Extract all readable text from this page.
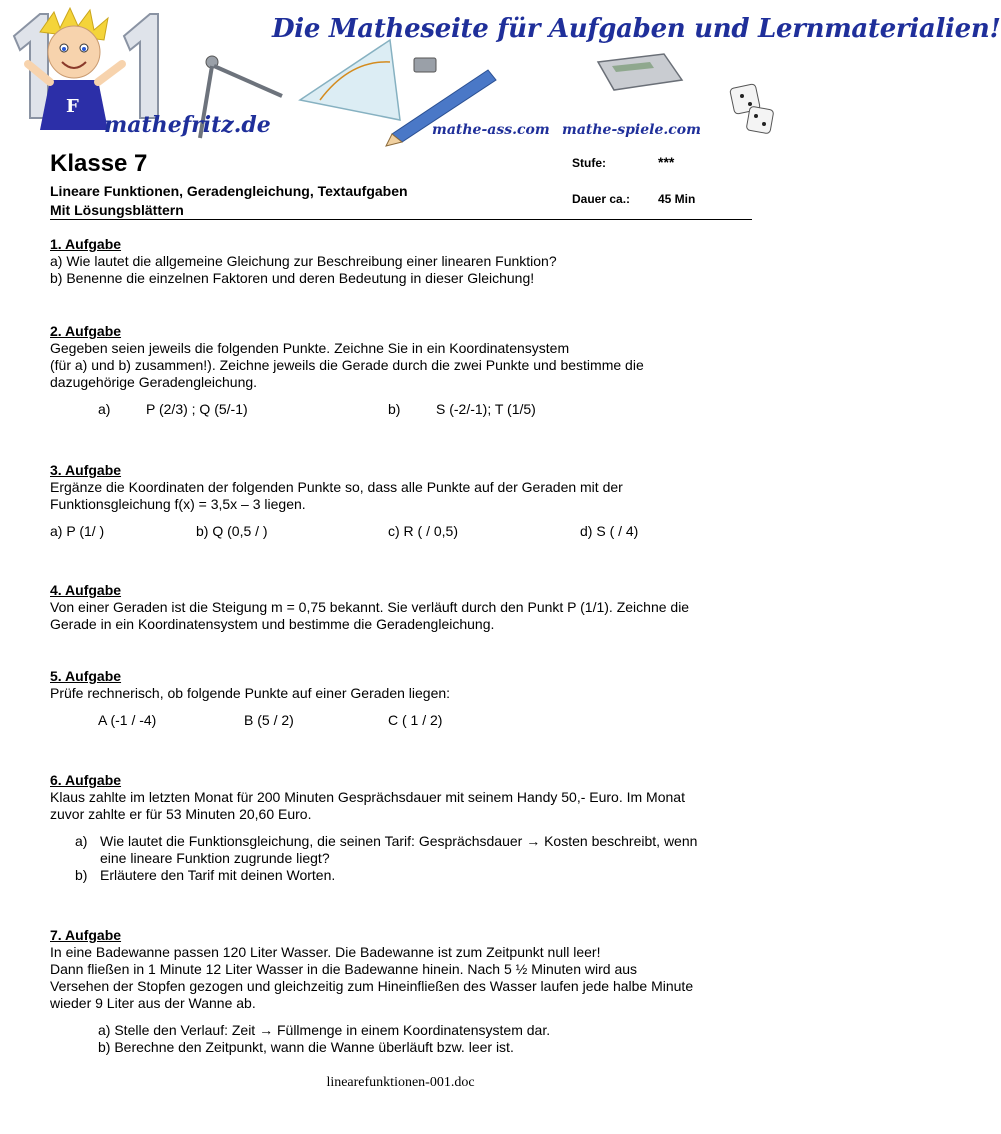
Die Matheseite für Aufgaben und Lernmaterialien!
F
mathefritz.de	mathe-ass.com mathe-spiele.com
Klasse 7
Lineare Funktionen, Geradengleichung, Textaufgaben
Mit Lösungsblättern
Stufe:	***
Dauer ca.: 45 Min
1. Aufgabe
a) Wie lautet die allgemeine Gleichung zur Beschreibung einer linearen Funktion?
b) Benenne die einzelnen Faktoren und deren Bedeutung in dieser Gleichung!
2. Aufgabe
Gegeben seien jeweils die folgenden Punkte. Zeichne Sie in ein Koordinatensystem
(für a) und b) zusammen!). Zeichne jeweils die Gerade durch die zwei Punkte und bestimme die
dazugehörige Geradengleichung.
a)	P (2/3) ; Q (5/-1)	b)	S (-2/-1); T (1/5)
3. Aufgabe
Ergänze die Koordinaten der folgenden Punkte so, dass alle Punkte auf der Geraden mit der
Funktionsgleichung f(x) = 3,5x – 3 liegen.
a) P (1/ )	b) Q (0,5 / )	c) R ( / 0,5)	d) S ( / 4)
4. Aufgabe
Von einer Geraden ist die Steigung m = 0,75 bekannt. Sie verläuft durch den Punkt P (1/1). Zeichne die
Gerade in ein Koordinatensystem und bestimme die Geradengleichung.
5. Aufgabe
Prüfe rechnerisch, ob folgende Punkte auf einer Geraden liegen:
A (-1 / -4)	B (5 / 2)	C ( 1 / 2)
6. Aufgabe
Klaus zahlte im letzten Monat für 200 Minuten Gesprächsdauer mit seinem Handy 50,- Euro. Im Monat
zuvor zahlte er für 53 Minuten 20,60 Euro.
a) Wie lautet die Funktionsgleichung, die seinen Tarif: Gesprächsdauer → Kosten beschreibt, wenn
eine lineare Funktion zugrunde liegt?
b) Erläutere den Tarif mit deinen Worten.
7. Aufgabe
In eine Badewanne passen 120 Liter Wasser. Die Badewanne ist zum Zeitpunkt null leer!
Dann fließen in 1 Minute 12 Liter Wasser in die Badewanne hinein. Nach 5 ½ Minuten wird aus
Versehen der Stopfen gezogen und gleichzeitig zum Hineinfließen des Wasser laufen jede halbe Minute
wieder 9 Liter aus der Wanne ab.
a) Stelle den Verlauf: Zeit → Füllmenge in einem Koordinatensystem dar.
b) Berechne den Zeitpunkt, wann die Wanne überläuft bzw. leer ist.
linearefunktionen-001.doc
